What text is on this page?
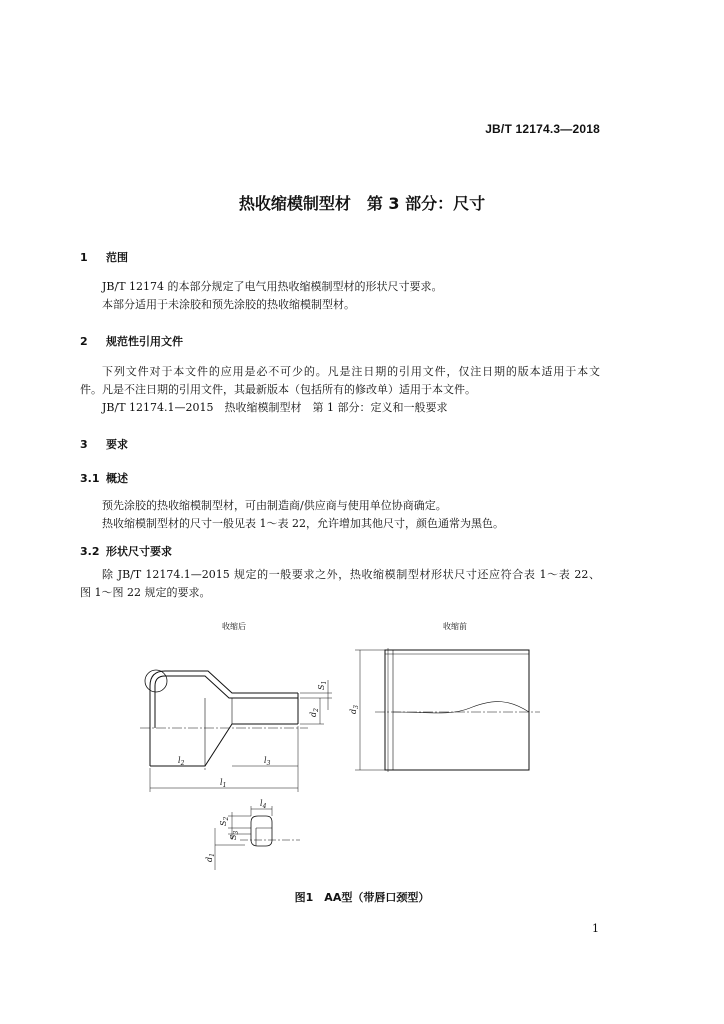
JB/T 12174.3—2018
热收缩模制型材　第 3 部分：尺寸
1 范围
JB/T 12174 的本部分规定了电气用热收缩模制型材的形状尺寸要求。
本部分适用于未涂胶和预先涂胶的热收缩模制型材。
2 规范性引用文件
下列文件对于本文件的应用是必不可少的。凡是注日期的引用文件，仅注日期的版本适用于本文
件。凡是不注日期的引用文件，其最新版本（包括所有的修改单）适用于本文件。
JB/T 12174.1—2015　热收缩模制型材　第 1 部分：定义和一般要求
3 要求
3.1 概述
预先涂胶的热收缩模制型材，可由制造商/供应商与使用单位协商确定。
热收缩模制型材的尺寸一般见表 1～表 22，允许增加其他尺寸，颜色通常为黑色。
3.2 形状尺寸要求
除 JB/T 12174.1—2015 规定的一般要求之外，热收缩模制型材形状尺寸还应符合表 1～表 22、
图 1～图 22 规定的要求。
收缩后	收缩前
$l_2$	$l_3$
$l_1$
$S_1$
$d_2$	$d_3$
$l_4$
$S_2$
$S_3$
$d_1$
图1　AA型（带唇口颈型）
1
